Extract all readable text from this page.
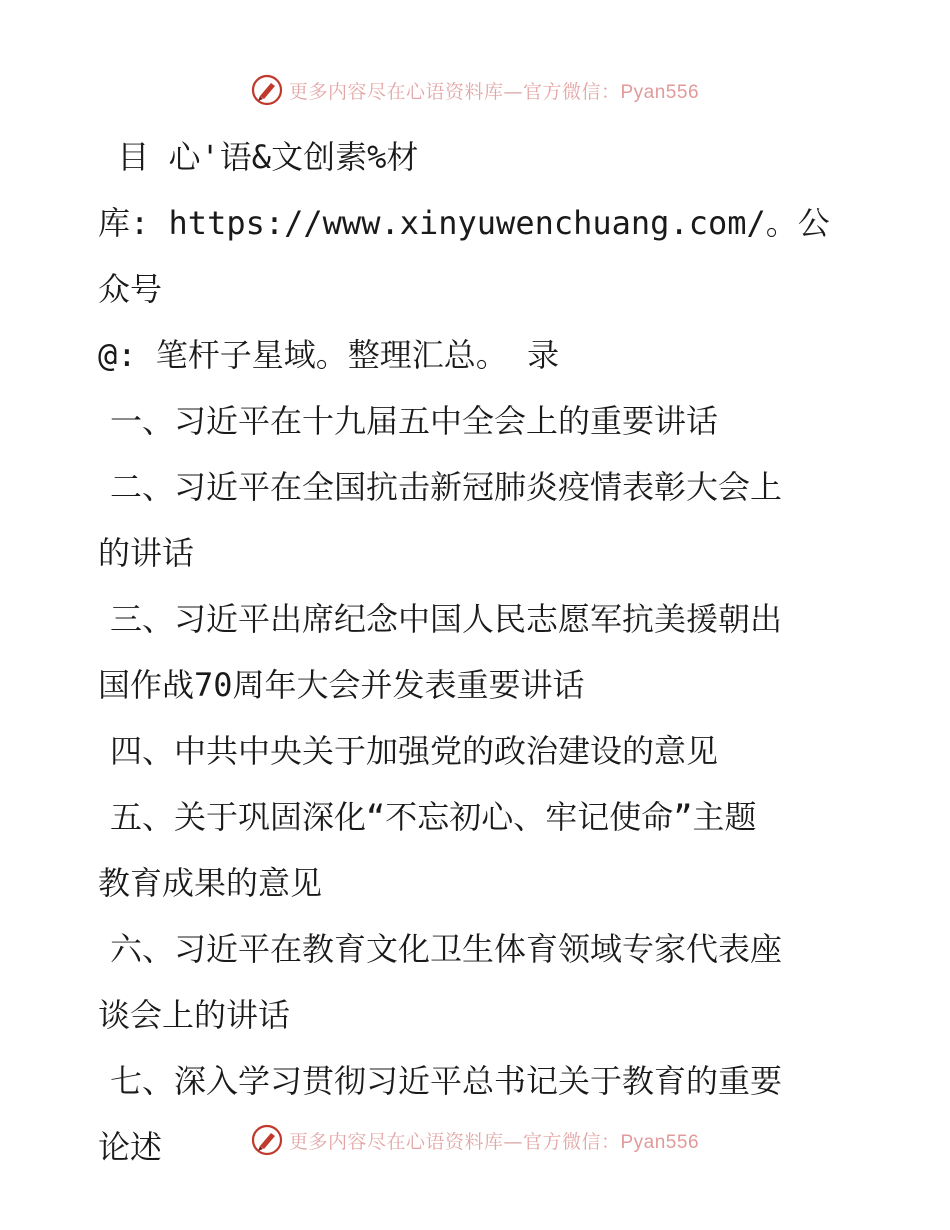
更多内容尽在心语资料库—官方微信：Pyan556

目 心'语&文创素%材

库: https://www.xinyuwenchuang.com/。公众号

@: 笔杆子星域。整理汇总。 录

一、习近平在十九届五中全会上的重要讲话

二、习近平在全国抗击新冠肺炎疫情表彰大会上

的讲话

三、习近平出席纪念中国人民志愿军抗美援朝出

国作战70周年大会并发表重要讲话

四、中共中央关于加强党的政治建设的意见

五、关于巩固深化“不忘初心、牢记使命”主题

教育成果的意见

六、习近平在教育文化卫生体育领域专家代表座

谈会上的讲话

七、深入学习贯彻习近平总书记关于教育的重要

论述	更多内容尽在心语资料库—官方微信：Pyan556
